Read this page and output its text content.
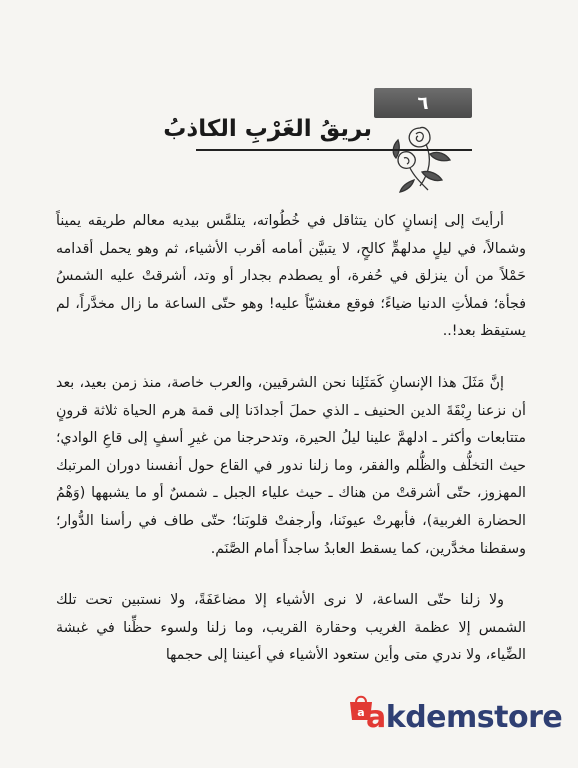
٦
بريقُ الغَرْبِ الكاذبُ

أرأيتَ إلى إنسانٍ كان يتثاقل في خُطُواته، يتلمَّس بيديه معالم طريقه يميناً وشمالاً، في ليلٍ مدلهمٍّ كالحٍ، لا يتبيَّن أمامه أقرب الأشياء، ثم وهو يحمل أقدامه حَمْلاً من أن ينزلق في حُفرة، أو يصطدم بجدار أو وتد، أشرقتْ عليه الشمسُ فجأة؛ فملأتِ الدنيا ضياءً؛ فوقع مغشيّاً عليه! وهو حتّى الساعة ما زال مخدَّراً، لم يستيقظ بعد!..

إنَّ مَثَلَ هذا الإنسانِ كَمَثَلِنا نحن الشرقيين، والعرب خاصة، منذ زمن بعيد، بعد أن نزعنا رِبْقَةَ الدين الحنيف ـ الذي حملَ أجدادَنا إلى قمة هرم الحياة ثلاثة قرونٍ متتابعات وأكثر ـ ادلهمَّ علينا ليلُ الحيرة، وتدحرجنا من غيرِ أسفٍ إلى قاعِ الوادي؛ حيث التخلُّف والظُّلم والفقر، وما زلنا ندور في القاع حول أنفسنا دوران المرتبك المهزوز، حتّى أشرقتْ من هناك ـ حيث علياء الجبل ـ شمسٌ أو ما يشبهها (وَهْمُ الحضارة الغربية)، فأبهرتْ عيونَنا، وأرجفتْ قلوبَنا؛ حتّى طاف في رأسنا الدُّوار؛ وسقطنا مخدَّرين، كما يسقط العابدُ ساجداً أمام الصَّنَم.

ولا زلنا حتّى الساعة، لا نرى الأشياء إلا مضاعَفَةً، ولا نستبين تحت تلك الشمس إلا عظمة الغريب وحقارة القريب، وما زلنا ولسوء حظِّنا في غبشة الضِّياء، ولا ندري متى وأين ستعود الأشياء في أعيننا إلى حجمها

a akdemstore
